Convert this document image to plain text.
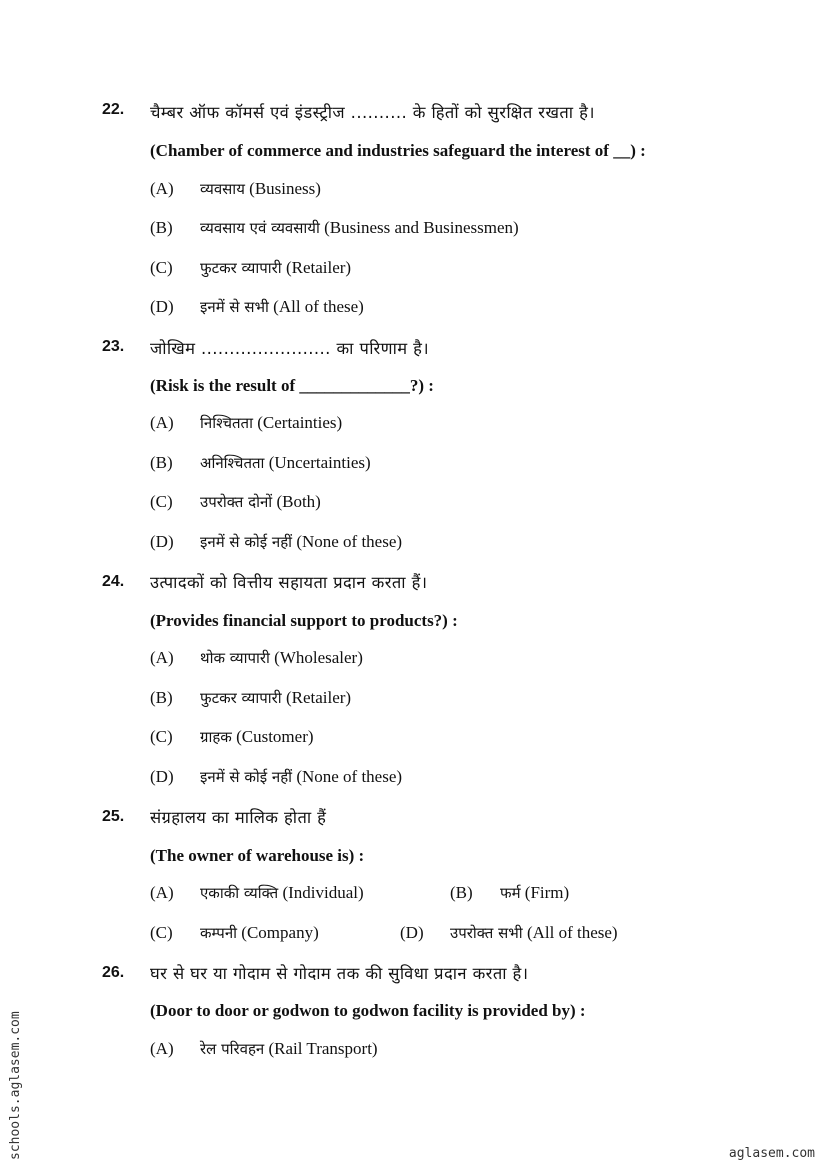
22. चैम्बर ऑफ कॉमर्स एवं इंडस्ट्रीज .......... के हितों को सुरक्षित रखता है।
(Chamber of commerce and industries safeguard the interest of __) :
(A) व्यवसाय (Business)
(B) व्यवसाय एवं व्यवसायी (Business and Businessmen)
(C) फुटकर व्यापारी (Retailer)
(D) इनमें से सभी (All of these)
23. जोखिम ....................... का परिणाम है।
(Risk is the result of _____________?) :
(A) निश्चितता (Certainties)
(B) अनिश्चितता (Uncertainties)
(C) उपरोक्त दोनों (Both)
(D) इनमें से कोई नहीं (None of these)
24. उत्पादकों को वित्तीय सहायता प्रदान करता हैं।
(Provides financial support to products?) :
(A) थोक व्यापारी (Wholesaler)
(B) फुटकर व्यापारी (Retailer)
(C) ग्राहक (Customer)
(D) इनमें से कोई नहीं (None of these)
25. संग्रहालय का मालिक होता हैं
(The owner of warehouse is) :
(A) एकाकी व्यक्ति (Individual)	(B) फर्म (Firm)
(C) कम्पनी (Company)	(D) उपरोक्त सभी (All of these)
26. घर से घर या गोदाम से गोदाम तक की सुविधा प्रदान करता है।
(Door to door or godwon to godwon facility is provided by) :
(A) रेल परिवहन (Rail Transport)
schools.aglasem.com	aglasem.com
